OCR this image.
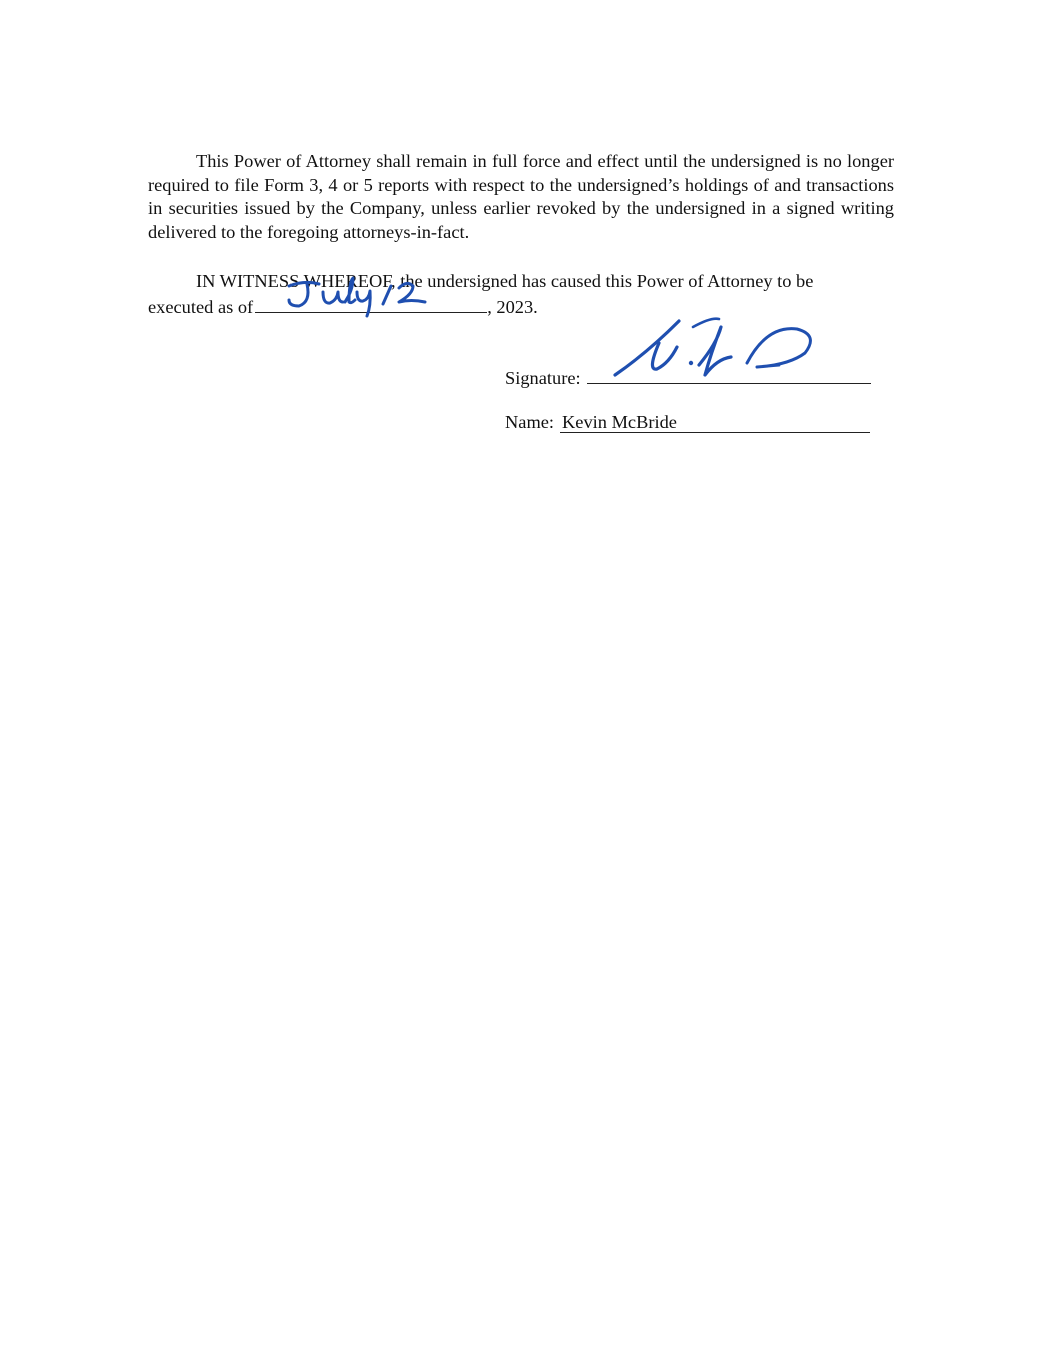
This Power of Attorney shall remain in full force and effect until the undersigned is no longer required to file Form 3, 4 or 5 reports with respect to the undersigned’s holdings of and transactions in securities issued by the Company, unless earlier revoked by the undersigned in a signed writing delivered to the foregoing attorneys-in-fact.

IN WITNESS WHEREOF, the undersigned has caused this Power of Attorney to be
executed as of	, 2023.

Signature:
Name: Kevin McBride
